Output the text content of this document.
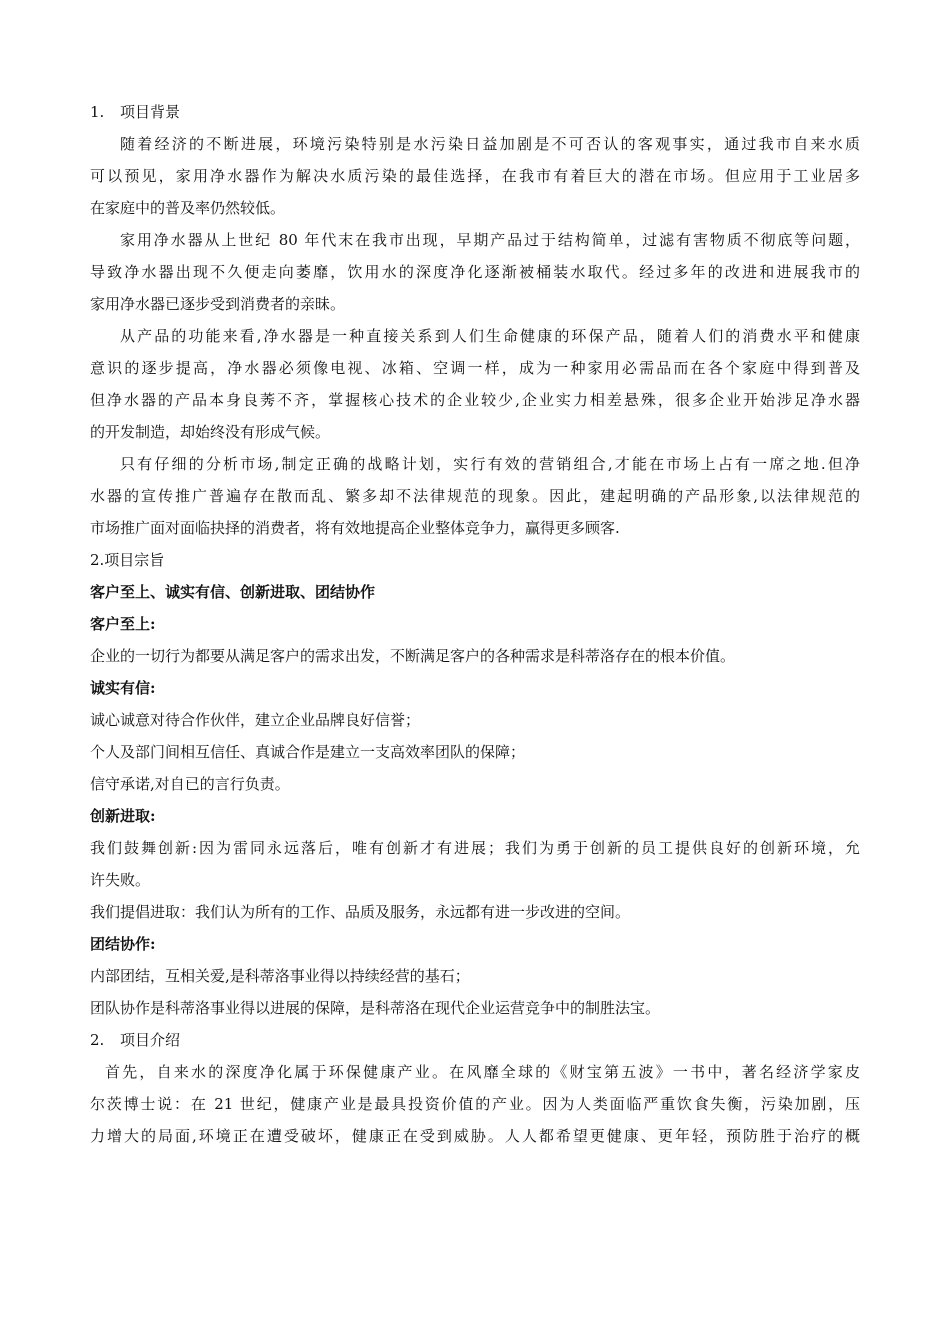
1. 项目背景
随着经济的不断进展，环境污染特别是水污染日益加剧是不可否认的客观事实，通过我市自来水质
可以预见，家用净水器作为解决水质污染的最佳选择，在我市有着巨大的潜在市场。但应用于工业居多
在家庭中的普及率仍然较低。
家用净水器从上世纪 80 年代末在我市出现，早期产品过于结构简单，过滤有害物质不彻底等问题，
导致净水器出现不久便走向萎靡，饮用水的深度净化逐渐被桶装水取代。经过多年的改进和进展我市的
家用净水器已逐步受到消费者的亲昧。
从产品的功能来看,净水器是一种直接关系到人们生命健康的环保产品，随着人们的消费水平和健康
意识的逐步提高，净水器必须像电视、冰箱、空调一样，成为一种家用必需品而在各个家庭中得到普及
但净水器的产品本身良莠不齐，掌握核心技术的企业较少,企业实力相差悬殊，很多企业开始涉足净水器
的开发制造，却始终没有形成气候。
只有仔细的分析市场,制定正确的战略计划，实行有效的营销组合,才能在市场上占有一席之地.但净
水器的宣传推广普遍存在散而乱、繁多却不法律规范的现象。因此，建起明确的产品形象,以法律规范的
市场推广面对面临抉择的消费者，将有效地提高企业整体竞争力，赢得更多顾客.
2.项目宗旨
客户至上、诚实有信、创新进取、团结协作
客户至上:
企业的一切行为都要从满足客户的需求出发，不断满足客户的各种需求是科蒂洛存在的根本价值。
诚实有信:
诚心诚意对待合作伙伴，建立企业品牌良好信誉；
个人及部门间相互信任、真诚合作是建立一支高效率团队的保障；
信守承诺,对自已的言行负责。
创新进取:
我们鼓舞创新:因为雷同永远落后，唯有创新才有进展；我们为勇于创新的员工提供良好的创新环境，允
许失败。
我们提倡进取：我们认为所有的工作、品质及服务，永远都有进一步改进的空间。
团结协作:
内部团结，互相关爱,是科蒂洛事业得以持续经营的基石；
团队协作是科蒂洛事业得以进展的保障，是科蒂洛在现代企业运营竞争中的制胜法宝。
2. 项目介绍
首先，自来水的深度净化属于环保健康产业。在风靡全球的《财宝第五波》一书中，著名经济学家皮
尔茨博士说：在 21 世纪，健康产业是最具投资价值的产业。因为人类面临严重饮食失衡，污染加剧，压
力增大的局面,环境正在遭受破坏，健康正在受到威胁。人人都希望更健康、更年轻，预防胜于治疗的概
